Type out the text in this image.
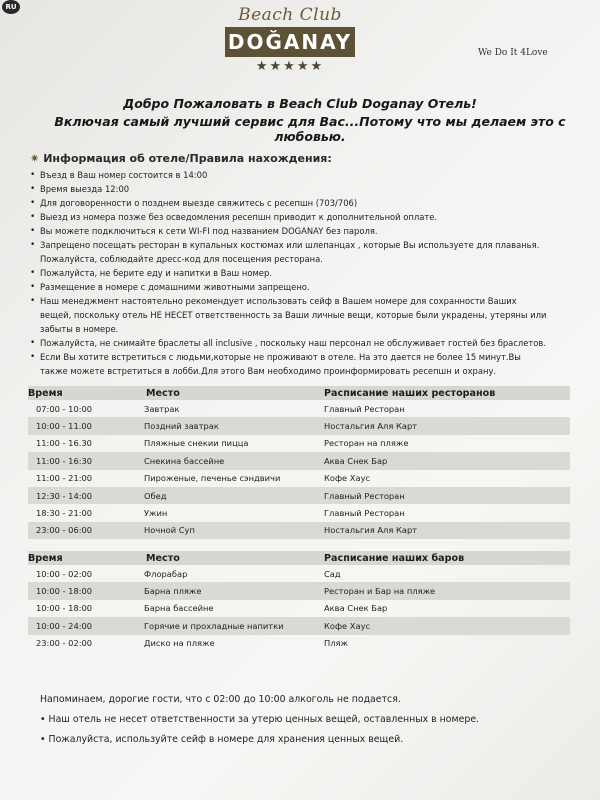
RU	Beach Club
DOĞANAY
★★★★★
We Do It 4Love
Добро Пожаловать в Beach Club Doganay Отель!
Включая самый лучший сервис для Вас...Потому что мы делаем это с любовью.
✷ Информация об отеле/Правила нахождения:
• Въезд в Ваш номер состоится в 14:00
• Время выезда 12:00
• Для договоренности о позднем выезде свяжитесь с ресепшн (703/706)
• Выезд из номера позже без осведомления ресепшн приводит к дополнительной оплате.
• Вы можете подключиться к сети WI-FI под названием DOGANAY без пароля.
• Запрещено посещать ресторан в купальных костюмах или шлепанцах , которые Вы используете для плаванья. Пожалуйста, соблюдайте дресс-код для посещения ресторана.
• Пожалуйста, не берите еду и напитки в Ваш номер.
• Размещение в номере с домашними животными запрещено.
• Наш менеджмент настоятельно рекомендует использовать сейф в Вашем номере для сохранности Ваших вещей, поскольку отель НЕ НЕСЕТ ответственность за Ваши личные вещи, которые были украдены, утеряны или забыты в номере.
• Пожалуйста, не снимайте браслеты all inclusive , поскольку наш персонал не обслуживает гостей без браслетов.
• Если Вы хотите встретиться с людьми,которые не проживают в отеле. На это дается не более 15 минут.Вы также можете встретиться в лобби.Для этого Вам необходимо проинформировать ресепшн и охрану.
Время	Место	Расписание наших ресторанов
07:00 - 10:00	Завтрак	Главный Ресторан
10:00 - 11.00	Поздний завтрак	Ностальгия Аля Карт
11:00 - 16.30	Пляжные снекии пицца	Ресторан на пляже
11:00 - 16:30	Снекина бассейне	Аква Снек Бар
11:00 - 21:00	Пироженые, печенье сэндвичи	Кофе Хаус
12:30 - 14:00	Обед	Главный Ресторан
18:30 - 21:00	Ужин	Главный Ресторан
23:00 - 06:00	Ночной Суп	Ностальгия Аля Карт
Время	Место	Расписание наших баров
10:00 - 02:00	Флорабар	Сад
10:00 - 18:00	Барна пляже	Ресторан и Бар на пляже
10:00 - 18:00	Барна бассейне	Аква Снек Бар
10:00 - 24:00	Горячие и прохладные напитки	Кофе Хаус
23:00 - 02:00	Диско на пляже	Пляж
Напоминаем, дорогие гости, что с 02:00 до 10:00 алкоголь не подается.
• Наш отель не несет ответственности за утерю ценных вещей, оставленных в номере.
• Пожалуйста, используйте сейф в номере для хранения ценных вещей.
